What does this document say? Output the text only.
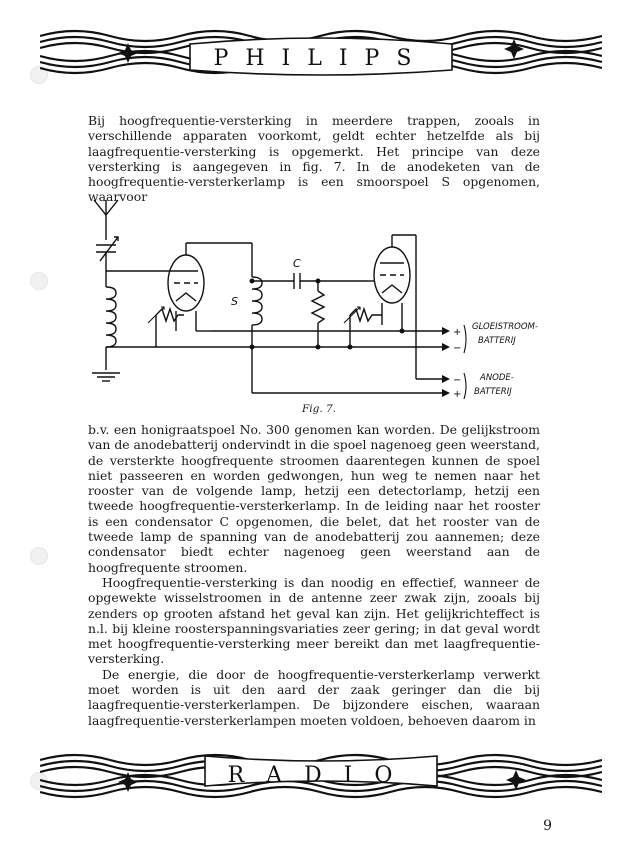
PHILIPS

Bij hoogfrequentie-versterking in meerdere trappen, zooals in verschillende apparaten voorkomt, geldt echter hetzelfde als bij laagfrequentie-versterking is opgemerkt. Het principe van deze versterking is aangegeven in fig. 7. In de anodeketen van de hoogfrequentie-versterkerlamp is een smoorspoel S opgenomen, waarvoor

S
C
+
−
−
+
GLOEISTROOM-
BATTERIJ
ANODE-
BATTERIJ
Fig. 7.

b.v. een honigraatspoel No. 300 genomen kan worden. De gelijkstroom van de anodebatterij ondervindt in die spoel nagenoeg geen weerstand, de versterkte hoogfrequente stroomen daarentegen kunnen de spoel niet passeeren en worden gedwongen, hun weg te nemen naar het rooster van de volgende lamp, hetzij een detectorlamp, hetzij een tweede hoogfrequentie-versterkerlamp. In de leiding naar het rooster is een condensator C opgenomen, die belet, dat het rooster van de tweede lamp de spanning van de anodebatterij zou aannemen; deze condensator biedt echter nagenoeg geen weerstand aan de hoogfrequente stroomen.

Hoogfrequentie-versterking is dan noodig en effectief, wanneer de opgewekte wisselstroomen in de antenne zeer zwak zijn, zooals bij zenders op grooten afstand het geval kan zijn. Het gelijkrichteffect is n.l. bij kleine roosterspanningsvariaties zeer gering; in dat geval wordt met hoogfrequentie-versterking meer bereikt dan met laagfrequentie-versterking.

De energie, die door de hoogfrequentie-versterkerlamp verwerkt moet worden is uit den aard der zaak geringer dan die bij laagfrequentie-versterkerlampen. De bijzondere eischen, waaraan laagfrequentie-versterkerlampen moeten voldoen, behoeven daarom in

RADIO
9
